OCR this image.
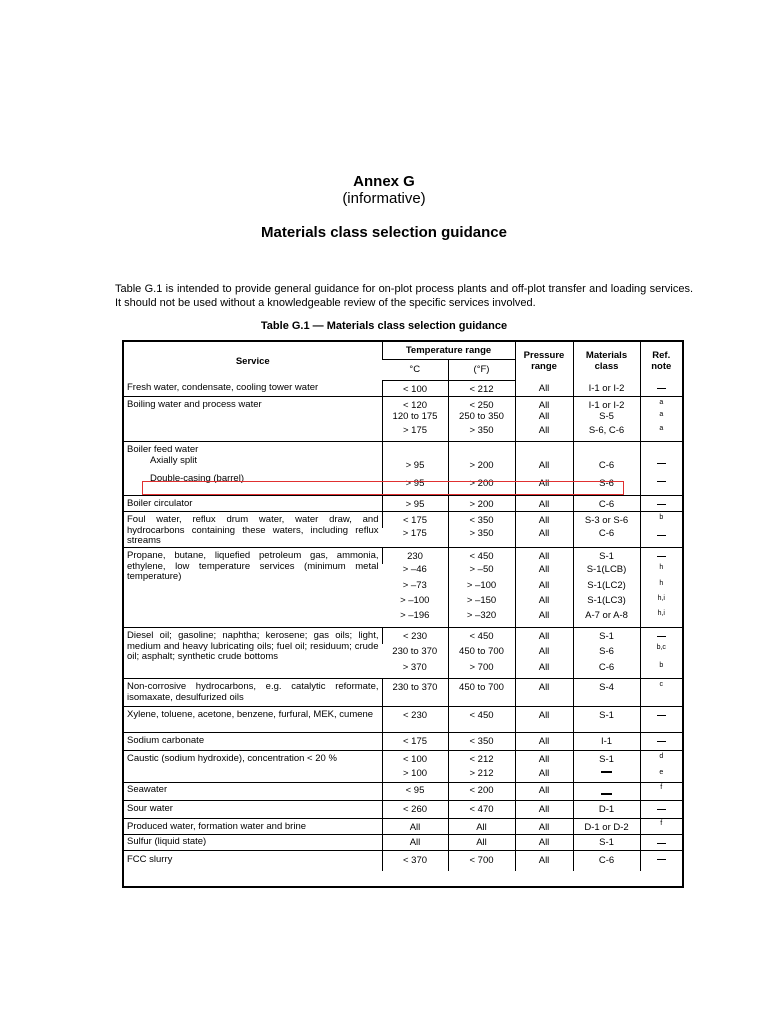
Annex G
(informative)
Materials class selection guidance
Table G.1 is intended to provide general guidance for on-plot process plants and off-plot transfer and loading services. It should not be used without a knowledgeable review of the specific services involved.
Table G.1 — Materials class selection guidance
Service	Temperature range		Pressure range	Materials class	Ref. note
	°C	(°F)			
Fresh water, condensate, cooling tower water	< 100	< 212	All	I-1 or I-2	
Boiling water and process water	< 120	< 250	All	I-1 or I-2	a
	120 to 175	250 to 350	All	S-5	a
	> 175	> 350	All	S-6, C-6	a
Boiler feed water					
Axially split	> 95	> 200	All	C-6	
Double-casing (barrel)	> 95	> 200	All	S-6	
Boiler circulator	> 95	> 200	All	C-6	
Foul water, reflux drum water, water draw, and hydrocarbons containing these waters, including reflux streams	< 175	< 350	All	S-3 or S-6	b
	> 175	> 350	All	C-6	
Propane, butane, liquefied petroleum gas, ammonia, ethylene, low temperature services (minimum metal temperature)	230	< 450	All	S-1	
	> –46	> –50	All	S-1(LCB)	h
	> –73	> –100	All	S-1(LC2)	h
	> –100	> –150	All	S-1(LC3)	h,i
	> –196	> –320	All	A-7 or A-8	h,i
Diesel oil; gasoline; naphtha; kerosene; gas oils; light, medium and heavy lubricating oils; fuel oil; residuum; crude oil; asphalt; synthetic crude bottoms	< 230	< 450	All	S-1	
	230 to 370	450 to 700	All	S-6	b,c
	> 370	> 700	All	C-6	b
Non-corrosive hydrocarbons, e.g. catalytic reformate, isomaxate, desulfurized oils	230 to 370	450 to 700	All	S-4	c
Xylene, toluene, acetone, benzene, furfural, MEK, cumene	< 230	< 450	All	S-1	
Sodium carbonate	< 175	< 350	All	I-1	
Caustic (sodium hydroxide), concentration < 20 %	< 100	< 212	All	S-1	d
	> 100	> 212	All		e
Seawater	< 95	< 200	All		f
Sour water	< 260	< 470	All	D-1	
Produced water, formation water and brine	All	All	All	D-1 or D-2	f
Sulfur (liquid state)	All	All	All	S-1	
FCC slurry	< 370	< 700	All	C-6	
